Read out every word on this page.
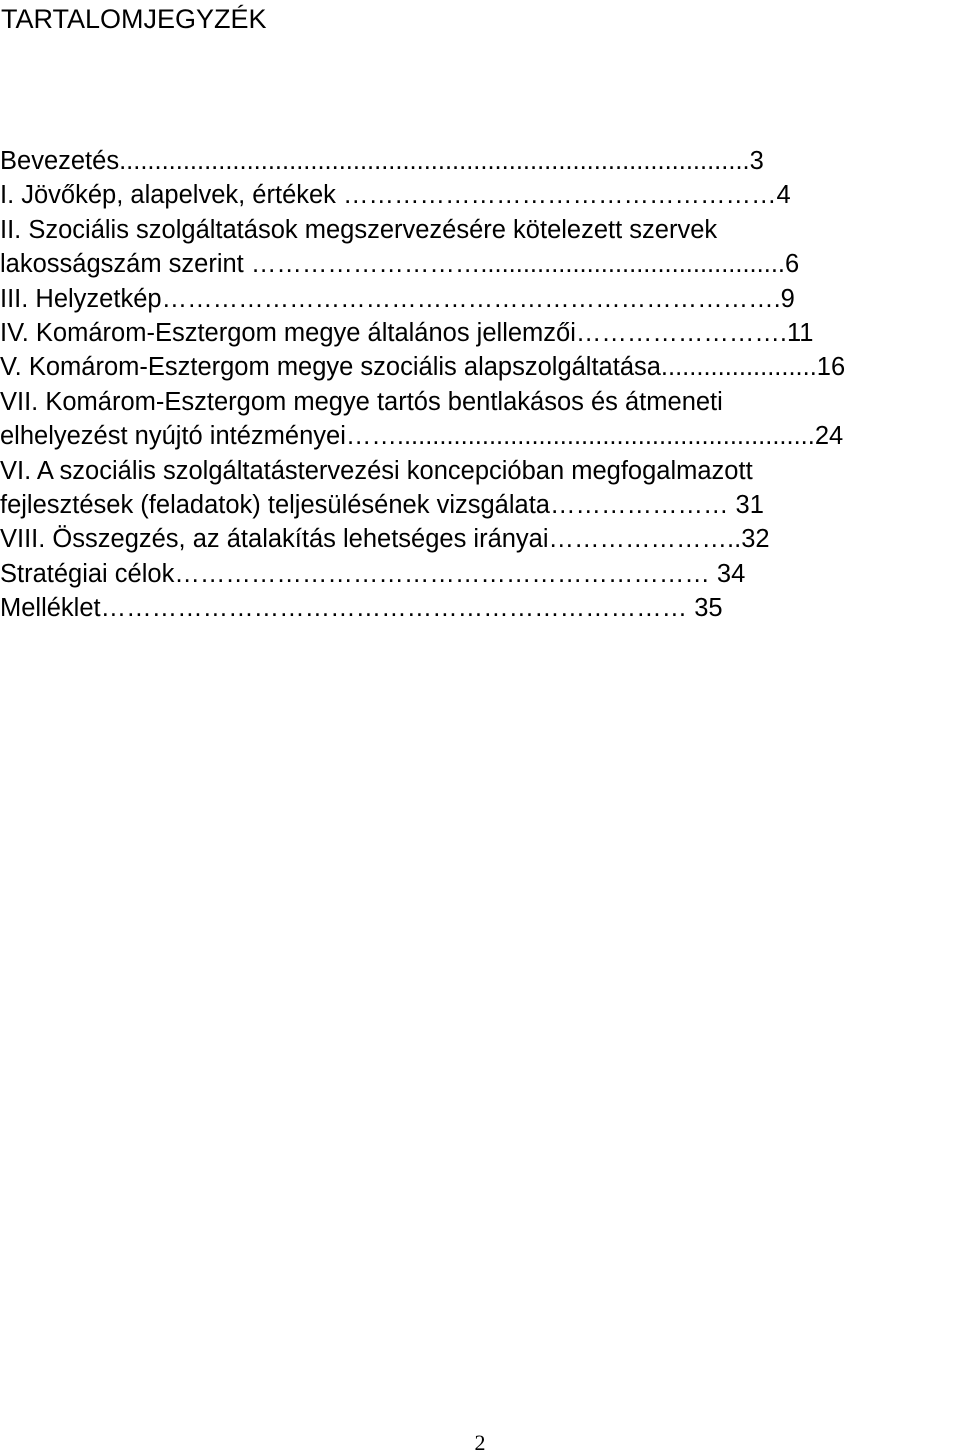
TARTALOMJEGYZÉK
Bevezetés.........................................................................................3
I. Jövőkép, alapelvek, értékek ……………………………………………4
II. Szociális szolgáltatások megszervezésére kötelezett szervek
lakosságszám szerint ………………………...........................................6
III. Helyzetkép……………………………………………………………….9
IV. Komárom-Esztergom megye általános jellemzői…………………….11
V. Komárom-Esztergom megye szociális alapszolgáltatása......................16
VII. Komárom-Esztergom megye tartós bentlakásos és átmeneti
elhelyezést nyújtó intézményei……...........................................................24
VI. A szociális szolgáltatástervezési koncepcióban megfogalmazott
fejlesztések (feladatok) teljesülésének vizsgálata………………… 31
VIII. Összegzés, az átalakítás lehetséges irányai…………………..32
Stratégiai célok……………………………………………………… 34
Melléklet…………………………………………………………… 35
2
